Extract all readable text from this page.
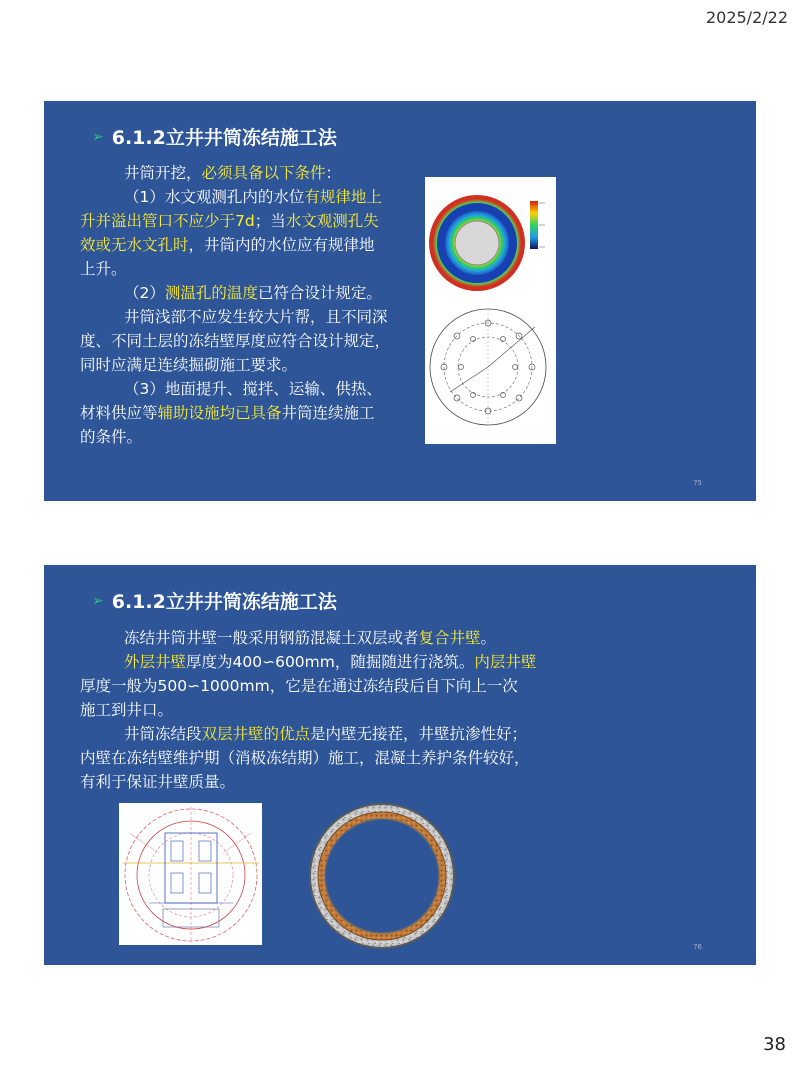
2025/2/22
➢ 6.1.2立井井筒冻结施工法
井筒开挖，必须具备以下条件：
（1）水文观测孔内的水位有规律地上
升并溢出管口不应少于7d；当水文观测孔失
效或无水文孔时，井筒内的水位应有规律地
上升。
（2）测温孔的温度已符合设计规定。
井筒浅部不应发生较大片帮，且不同深
度、不同土层的冻结壁厚度应符合设计规定，
同时应满足连续掘砌施工要求。
（3）地面提升、搅拌、运输、供热、
材料供应等辅助设施均已具备井筒连续施工
的条件。
75
➢ 6.1.2立井井筒冻结施工法
冻结井筒井壁一般采用钢筋混凝土双层或者复合井壁。
外层井壁厚度为400∽600mm，随掘随进行浇筑。内层井壁
厚度一般为500∽1000mm，它是在通过冻结段后自下向上一次
施工到井口。
井筒冻结段双层井壁的优点是内壁无接茬，井壁抗渗性好；
内壁在冻结壁维护期（消极冻结期）施工，混凝土养护条件较好，
有利于保证井壁质量。
76
38
